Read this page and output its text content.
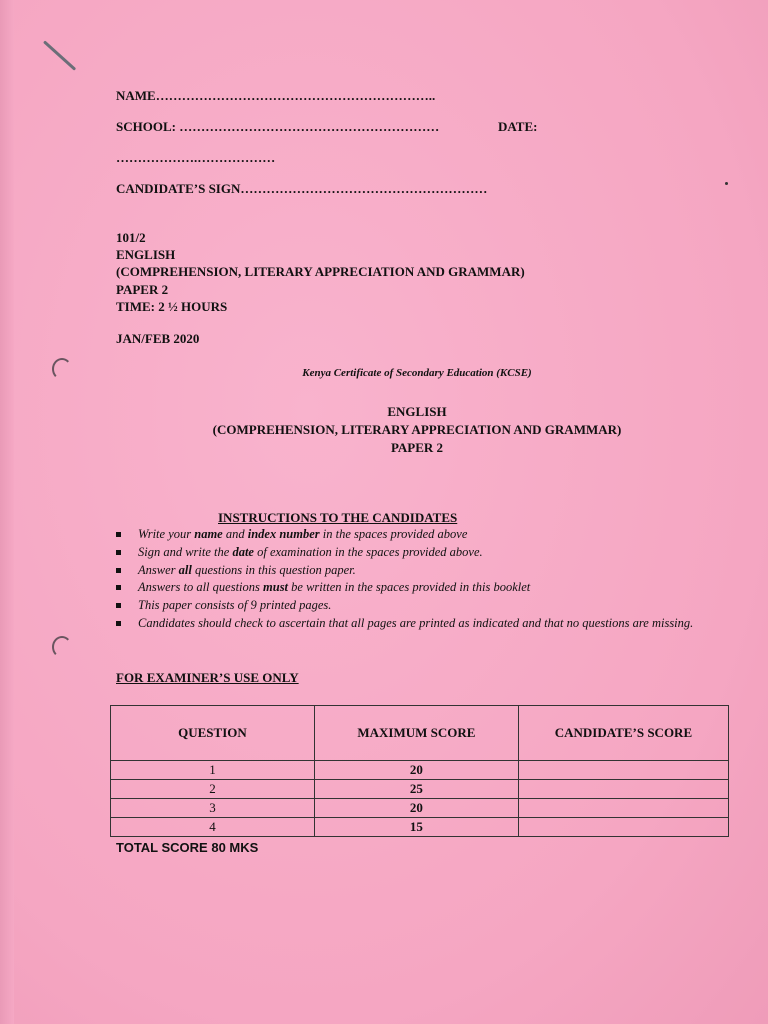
NAME………………………………………………………..
SCHOOL: ……………………………………………………	DATE:
……………….………………
CANDIDATE’S SIGN…………………………………………………
101/2
ENGLISH
(COMPREHENSION, LITERARY APPRECIATION AND GRAMMAR)
PAPER 2
TIME: 2 ½ HOURS
JAN/FEB 2020
Kenya Certificate of Secondary Education (KCSE)
ENGLISH
(COMPREHENSION, LITERARY APPRECIATION AND GRAMMAR)
PAPER 2
INSTRUCTIONS TO THE CANDIDATES
Write your name and index number in the spaces provided above
Sign and write the date of examination in the spaces provided above.
Answer all questions in this question paper.
Answers to all questions must be written in the spaces provided in this booklet
This paper consists of 9 printed pages.
Candidates should check to ascertain that all pages are printed as indicated and that no questions are missing.
FOR EXAMINER’S USE ONLY
QUESTION	MAXIMUM SCORE	CANDIDATE’S SCORE
1	20	
2	25	
3	20	
4	15	
TOTAL SCORE 80 MKS
